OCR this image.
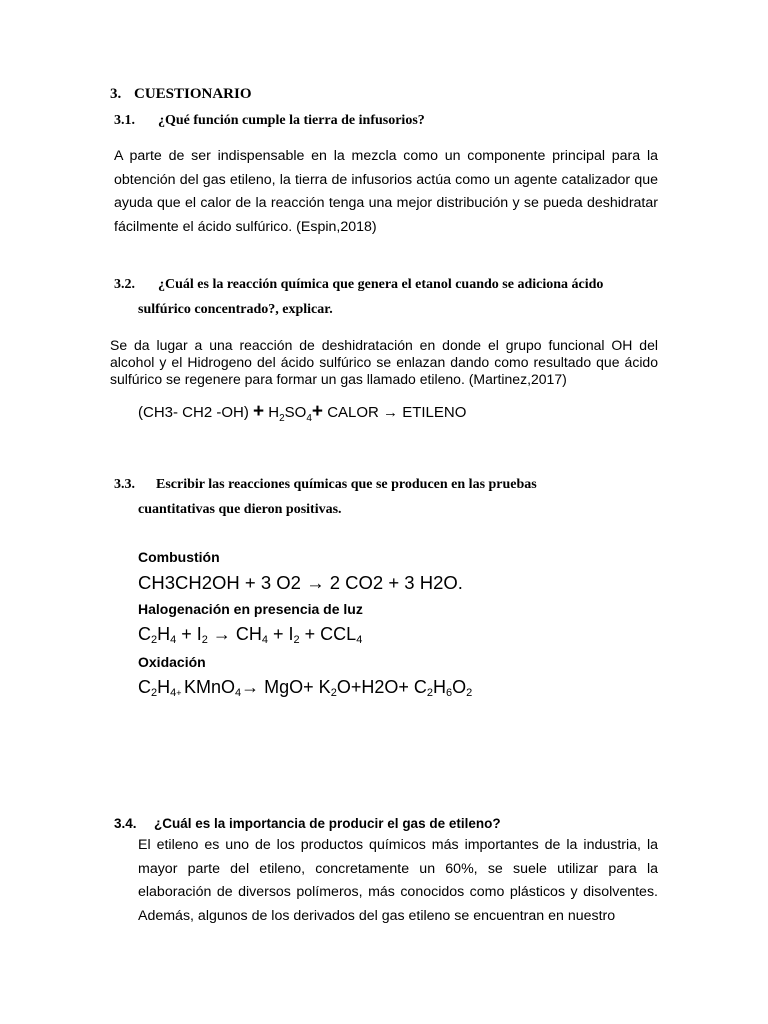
3. CUESTIONARIO
3.1. ¿Qué función cumple la tierra de infusorios?
A parte de ser indispensable en la mezcla como un componente principal para la obtención del gas etileno, la tierra de infusorios actúa como un agente catalizador que ayuda que el calor de la reacción tenga una mejor distribución y se pueda deshidratar fácilmente el ácido sulfúrico. (Espin,2018)
3.2. ¿Cuál es la reacción química que genera el etanol cuando se adiciona ácido
sulfúrico concentrado?, explicar.
Se da lugar a una reacción de deshidratación en donde el grupo funcional OH del alcohol y el Hidrogeno del ácido sulfúrico se enlazan dando como resultado que ácido sulfúrico se regenere para formar un gas llamado etileno. (Martinez,2017)
(CH3- CH2 $-OH) + H_2SO_4+$ CALOR → ETILENO
3.3. Escribir las reacciones químicas que se producen en las pruebas
cuantitativas que dieron positivas.
Combustión
CH3CH2OH + 3 O2 → 2 CO2 + 3 H2O.
Halogenación en presencia de luz
$C_2H_4 + I_2 \to CH_4 + I_2 + CCL_4$
Oxidación
$C_2H_{4+}$ KMnO$_4$→ $MgO+ K_2O+H2O+ C_2H_6O_2$
3.4. ¿Cuál es la importancia de producir el gas de etileno?
El etileno es uno de los productos químicos más importantes de la industria, la mayor parte del etileno, concretamente un 60%, se suele utilizar para la elaboración de diversos polímeros, más conocidos como plásticos y disolventes. Además, algunos de los derivados del gas etileno se encuentran en nuestro
